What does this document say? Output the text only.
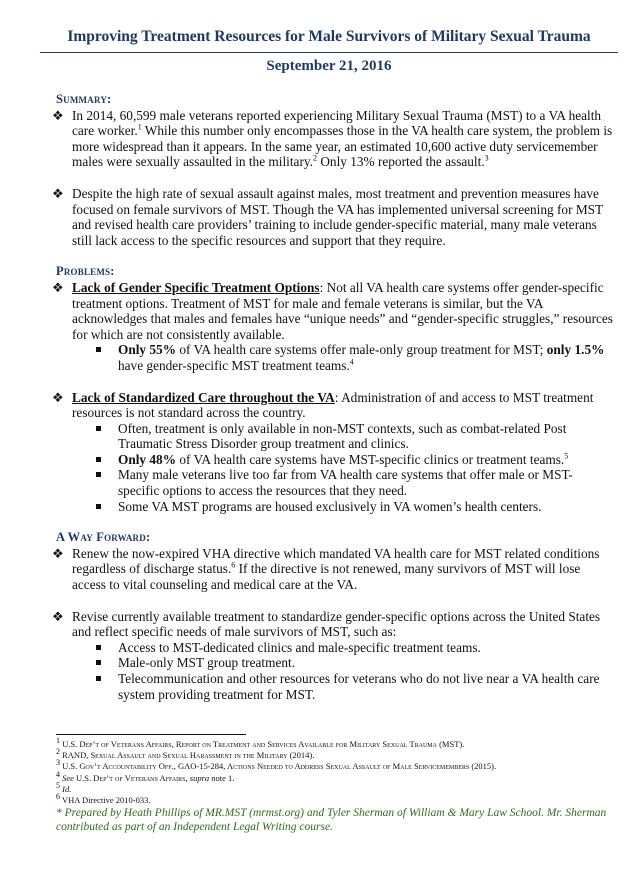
Improving Treatment Resources for Male Survivors of Military Sexual Trauma
September 21, 2016
Summary:
❖ In 2014, 60,599 male veterans reported experiencing Military Sexual Trauma (MST) to a VA health care worker.$^1$ While this number only encompasses those in the VA health care system, the problem is more widespread than it appears. In the same year, an estimated 10,600 active duty servicemember males were sexually assaulted in the military.$^2$ Only 13% reported the assault.$^3$
❖ Despite the high rate of sexual assault against males, most treatment and prevention measures have focused on female survivors of MST. Though the VA has implemented universal screening for MST and revised health care providers’ training to include gender-specific material, many male veterans still lack access to the specific resources and support that they require.
Problems:
❖ Lack of Gender Specific Treatment Options: Not all VA health care systems offer gender-specific treatment options. Treatment of MST for male and female veterans is similar, but the VA acknowledges that males and females have “unique needs” and “gender-specific struggles,” resources for which are not consistently available.
Only 55% of VA health care systems offer male-only group treatment for MST; only 1.5% have gender-specific MST treatment teams.$^4$
❖ Lack of Standardized Care throughout the VA: Administration of and access to MST treatment resources is not standard across the country.
Often, treatment is only available in non-MST contexts, such as combat-related Post Traumatic Stress Disorder group treatment and clinics.
Only 48% of VA health care systems have MST-specific clinics or treatment teams.$^5$
Many male veterans live too far from VA health care systems that offer male or MST-specific options to access the resources that they need.
Some VA MST programs are housed exclusively in VA women’s health centers.
A Way Forward:
❖ Renew the now-expired VHA directive which mandated VA health care for MST related conditions regardless of discharge status.$^6$ If the directive is not renewed, many survivors of MST will lose access to vital counseling and medical care at the VA.
❖ Revise currently available treatment to standardize gender-specific options across the United States and reflect specific needs of male survivors of MST, such as:
Access to MST-dedicated clinics and male-specific treatment teams.
Male-only MST group treatment.
Telecommunication and other resources for veterans who do not live near a VA health care system providing treatment for MST.
$^1$ U.S. Dep’t of Veterans Affairs, Report on Treatment and Services Available for Military Sexual Trauma (MST).
$^2$ RAND, Sexual Assault and Sexual Harassment in the Military (2014).
$^3$ U.S. Gov’t Accountability Off., GAO-15-284, Actions Needed to Address Sexual Assault of Male Servicemembers (2015).
$^4$ See U.S. Dep’t of Veterans Affairs, supra note 1.
$^5$ Id.
$^6$ VHA Directive 2010-033.
* Prepared by Heath Phillips of MR.MST (mrmst.org) and Tyler Sherman of William & Mary Law School. Mr. Sherman contributed as part of an Independent Legal Writing course.
